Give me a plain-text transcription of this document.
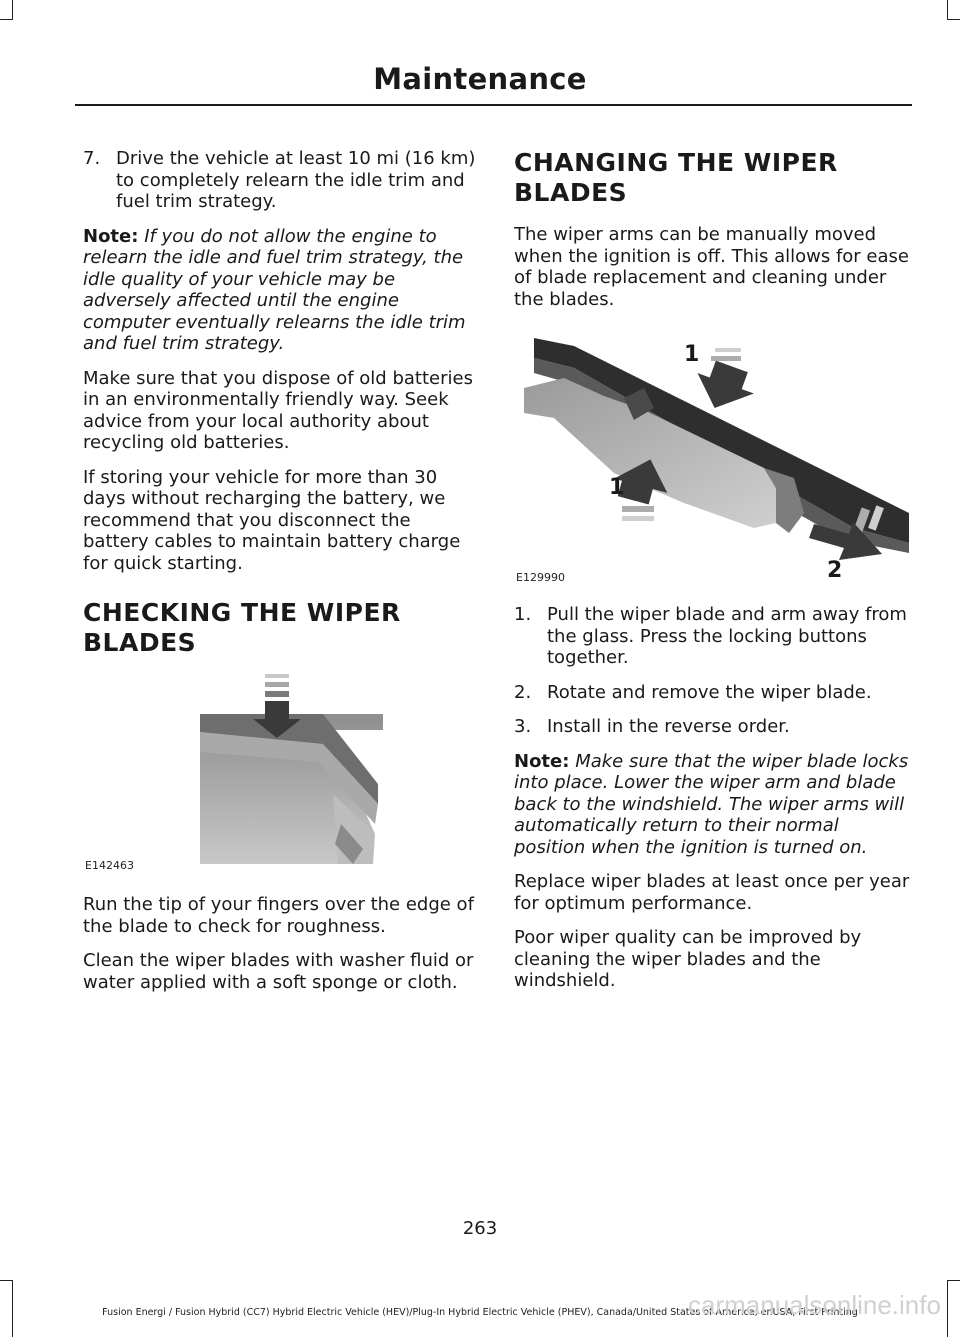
Maintenance
7. Drive the vehicle at least 10 mi (16 km) to completely relearn the idle trim and fuel trim strategy.

Note: If you do not allow the engine to relearn the idle and fuel trim strategy, the idle quality of your vehicle may be adversely affected until the engine computer eventually relearns the idle trim and fuel trim strategy.

Make sure that you dispose of old batteries in an environmentally friendly way. Seek advice from your local authority about recycling old batteries.

If storing your vehicle for more than 30 days without recharging the battery, we recommend that you disconnect the battery cables to maintain battery charge for quick starting.

CHECKING THE WIPER BLADES
E142463

Run the tip of your fingers over the edge of the blade to check for roughness.

Clean the wiper blades with washer fluid or water applied with a soft sponge or cloth.

CHANGING THE WIPER BLADES

The wiper arms can be manually moved when the ignition is off. This allows for ease of blade replacement and cleaning under the blades.

1
1
2
E129990
1. Pull the wiper blade and arm away from the glass. Press the locking buttons together.
2. Rotate and remove the wiper blade.
3. Install in the reverse order.

Note: Make sure that the wiper blade locks into place. Lower the wiper arm and blade back to the windshield. The wiper arms will automatically return to their normal position when the ignition is turned on.

Replace wiper blades at least once per year for optimum performance.

Poor wiper quality can be improved by cleaning the wiper blades and the windshield.

263
Fusion Energi / Fusion Hybrid (CC7) Hybrid Electric Vehicle (HEV)/Plug-In Hybrid Electric Vehicle (PHEV), Canada/United States of America, enUSA, First Printing
carmanualsonline.info
